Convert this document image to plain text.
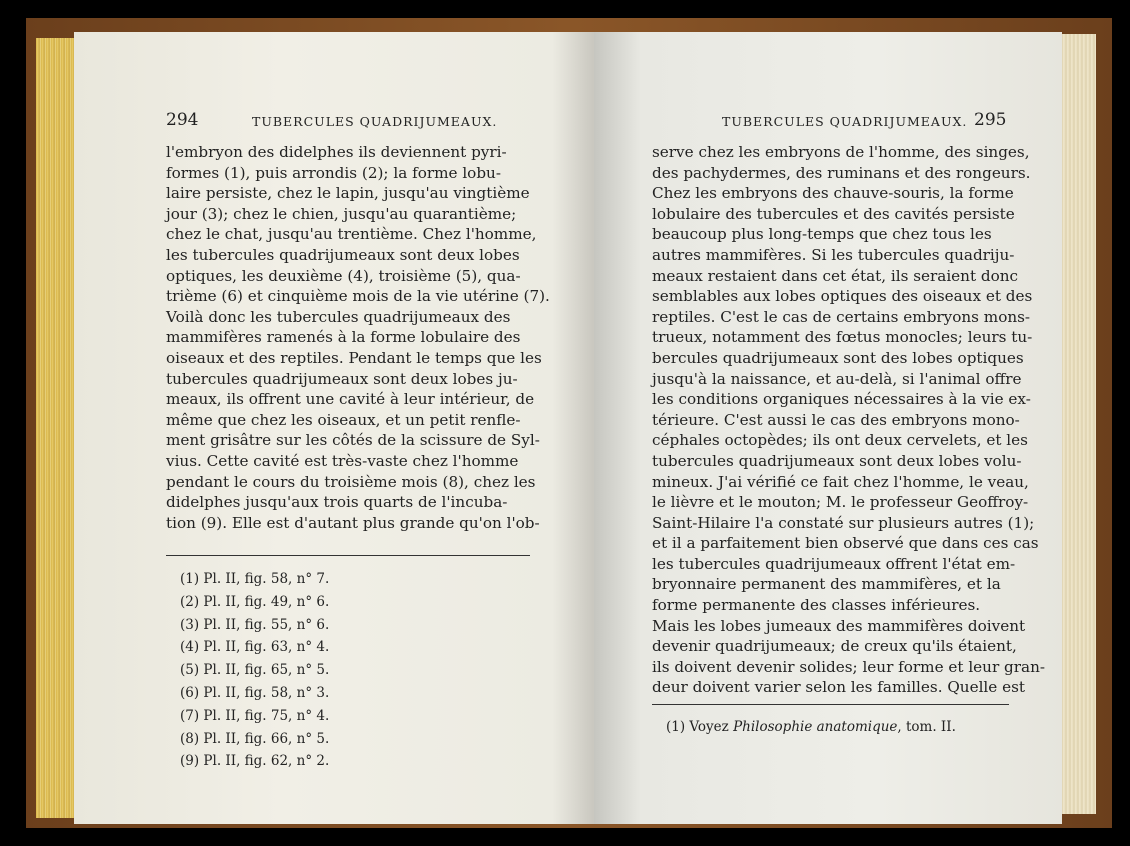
294	TUBERCULES QUADRIJUMEAUX.
l'embryon des didelphes ils deviennent pyri-
formes (1), puis arrondis (2); la forme lobu-
laire persiste, chez le lapin, jusqu'au vingtième
jour (3); chez le chien, jusqu'au quarantième;
chez le chat, jusqu'au trentième. Chez l'homme,
les tubercules quadrijumeaux sont deux lobes
optiques, les deuxième (4), troisième (5), qua-
trième (6) et cinquième mois de la vie utérine (7).
Voilà donc les tubercules quadrijumeaux des
mammifères ramenés à la forme lobulaire des
oiseaux et des reptiles. Pendant le temps que les
tubercules quadrijumeaux sont deux lobes ju-
meaux, ils offrent une cavité à leur intérieur, de
même que chez les oiseaux, et un petit renfle-
ment grisâtre sur les côtés de la scissure de Syl-
vius. Cette cavité est très-vaste chez l'homme
pendant le cours du troisième mois (8), chez les
didelphes jusqu'aux trois quarts de l'incuba-
tion (9). Elle est d'autant plus grande qu'on l'ob-
(1) Pl. II, fig. 58, n° 7.
(2) Pl. II, fig. 49, n° 6.
(3) Pl. II, fig. 55, n° 6.
(4) Pl. II, fig. 63, n° 4.
(5) Pl. II, fig. 65, n° 5.
(6) Pl. II, fig. 58, n° 3.
(7) Pl. II, fig. 75, n° 4.
(8) Pl. II, fig. 66, n° 5.
(9) Pl. II, fig. 62, n° 2.
TUBERCULES QUADRIJUMEAUX. 295
serve chez les embryons de l'homme, des singes,
des pachydermes, des ruminans et des rongeurs.
Chez les embryons des chauve-souris, la forme
lobulaire des tubercules et des cavités persiste
beaucoup plus long-temps que chez tous les
autres mammifères. Si les tubercules quadriju-
meaux restaient dans cet état, ils seraient donc
semblables aux lobes optiques des oiseaux et des
reptiles. C'est le cas de certains embryons mons-
trueux, notamment des fœtus monocles; leurs tu-
bercules quadrijumeaux sont des lobes optiques
jusqu'à la naissance, et au-delà, si l'animal offre
les conditions organiques nécessaires à la vie ex-
térieure. C'est aussi le cas des embryons mono-
céphales octopèdes; ils ont deux cervelets, et les
tubercules quadrijumeaux sont deux lobes volu-
mineux. J'ai vérifié ce fait chez l'homme, le veau,
le lièvre et le mouton; M. le professeur Geoffroy-
Saint-Hilaire l'a constaté sur plusieurs autres (1);
et il a parfaitement bien observé que dans ces cas
les tubercules quadrijumeaux offrent l'état em-
bryonnaire permanent des mammifères, et la
forme permanente des classes inférieures.
Mais les lobes jumeaux des mammifères doivent
devenir quadrijumeaux; de creux qu'ils étaient,
ils doivent devenir solides; leur forme et leur gran-
deur doivent varier selon les familles. Quelle est
(1) Voyez Philosophie anatomique, tom. II.
